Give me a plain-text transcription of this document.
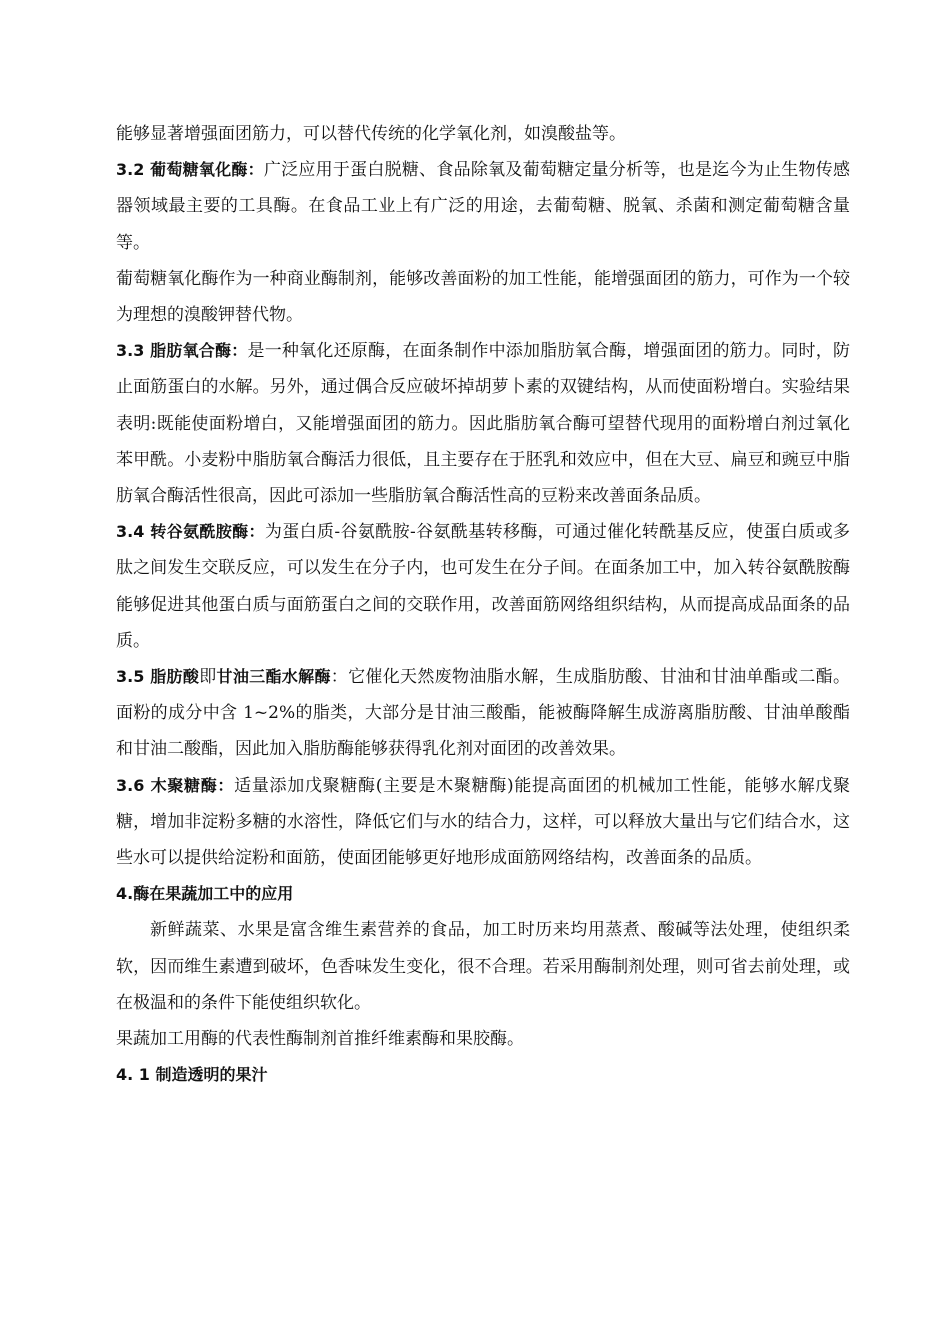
能够显著增强面团筋力，可以替代传统的化学氧化剂，如溴酸盐等。

3.2 葡萄糖氧化酶：广泛应用于蛋白脱糖、食品除氧及葡萄糖定量分析等，也是迄今为止生物传感器领域最主要的工具酶。在食品工业上有广泛的用途，去葡萄糖、脱氧、杀菌和测定葡萄糖含量等。

葡萄糖氧化酶作为一种商业酶制剂，能够改善面粉的加工性能，能增强面团的筋力，可作为一个较为理想的溴酸钾替代物。

3.3 脂肪氧合酶：是一种氧化还原酶，在面条制作中添加脂肪氧合酶，增强面团的筋力。同时，防止面筋蛋白的水解。另外，通过偶合反应破坏掉胡萝卜素的双键结构，从而使面粉增白。实验结果表明:既能使面粉增白，又能增强面团的筋力。因此脂肪氧合酶可望替代现用的面粉增白剂过氧化苯甲酰。小麦粉中脂肪氧合酶活力很低，且主要存在于胚乳和效应中，但在大豆、扁豆和豌豆中脂肪氧合酶活性很高，因此可添加一些脂肪氧合酶活性高的豆粉来改善面条品质。

3.4 转谷氨酰胺酶：为蛋白质-谷氨酰胺-谷氨酰基转移酶，可通过催化转酰基反应，使蛋白质或多肽之间发生交联反应，可以发生在分子内，也可发生在分子间。在面条加工中，加入转谷氨酰胺酶能够促进其他蛋白质与面筋蛋白之间的交联作用，改善面筋网络组织结构，从而提高成品面条的品质。

3.5 脂肪酸即甘油三酯水解酶：它催化天然废物油脂水解，生成脂肪酸、甘油和甘油单酯或二酯。面粉的成分中含 1~2%的脂类，大部分是甘油三酸酯，能被酶降解生成游离脂肪酸、甘油单酸酯和甘油二酸酯，因此加入脂肪酶能够获得乳化剂对面团的改善效果。

3.6 木聚糖酶：适量添加戊聚糖酶(主要是木聚糖酶)能提高面团的机械加工性能，能够水解戊聚糖，增加非淀粉多糖的水溶性，降低它们与水的结合力，这样，可以释放大量出与它们结合水，这些水可以提供给淀粉和面筋，使面团能够更好地形成面筋网络结构，改善面条的品质。

4.酶在果蔬加工中的应用

新鲜蔬菜、水果是富含维生素营养的食品，加工时历来均用蒸煮、酸碱等法处理，使组织柔软，因而维生素遭到破坏，色香味发生变化，很不合理。若采用酶制剂处理，则可省去前处理，或在极温和的条件下能使组织软化。

果蔬加工用酶的代表性酶制剂首推纤维素酶和果胶酶。

4. 1 制造透明的果汁
